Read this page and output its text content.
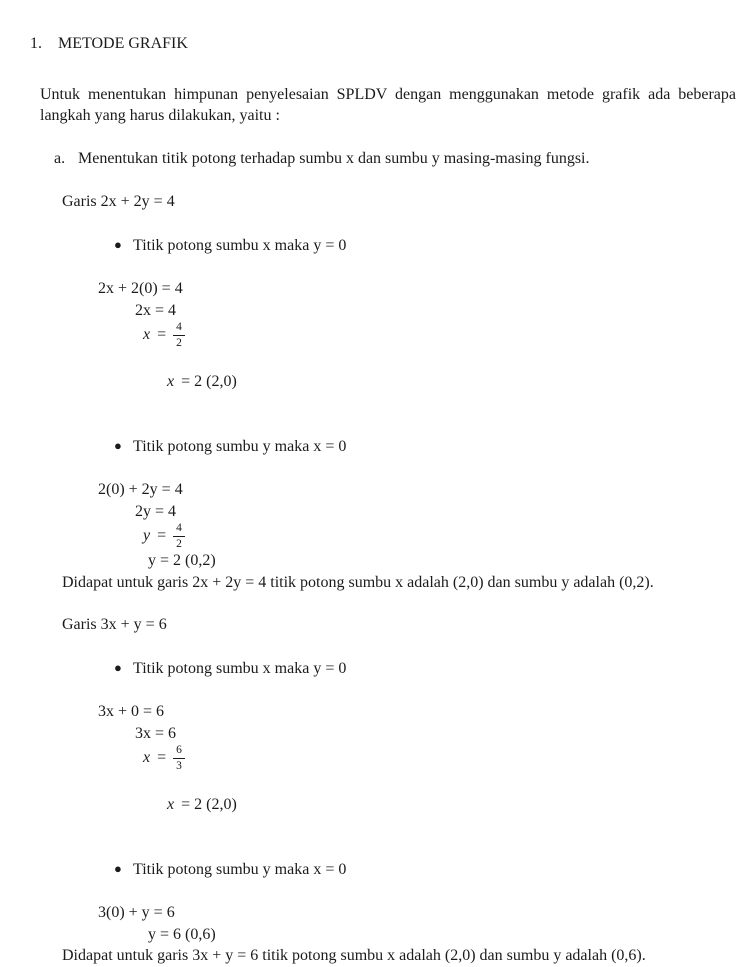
1. METODE GRAFIK

Untuk menentukan himpunan penyelesaian SPLDV dengan menggunakan metode grafik ada beberapa
langkah yang harus dilakukan, yaitu :

a. Menentukan titik potong terhadap sumbu x dan sumbu y masing-masing fungsi.

Garis 2x + 2y = 4

● Titik potong sumbu x maka y = 0

2x + 2(0) = 4
2x = 4
$x = \frac{4}{2}$

x = 2 (2,0)

● Titik potong sumbu y maka x = 0

2(0) + 2y = 4
2y = 4
$y = \frac{4}{2}$
y = 2 (0,2)
Didapat untuk garis 2x + 2y = 4 titik potong sumbu x adalah (2,0) dan sumbu y adalah (0,2).
Garis 3x + y = 6

● Titik potong sumbu x maka y = 0

3x + 0 = 6
3x = 6
$x = \frac{6}{3}$

x = 2 (2,0)

● Titik potong sumbu y maka x = 0

3(0) + y = 6
y = 6 (0,6)
Didapat untuk garis 3x + y = 6 titik potong sumbu x adalah (2,0) dan sumbu y adalah (0,6).
